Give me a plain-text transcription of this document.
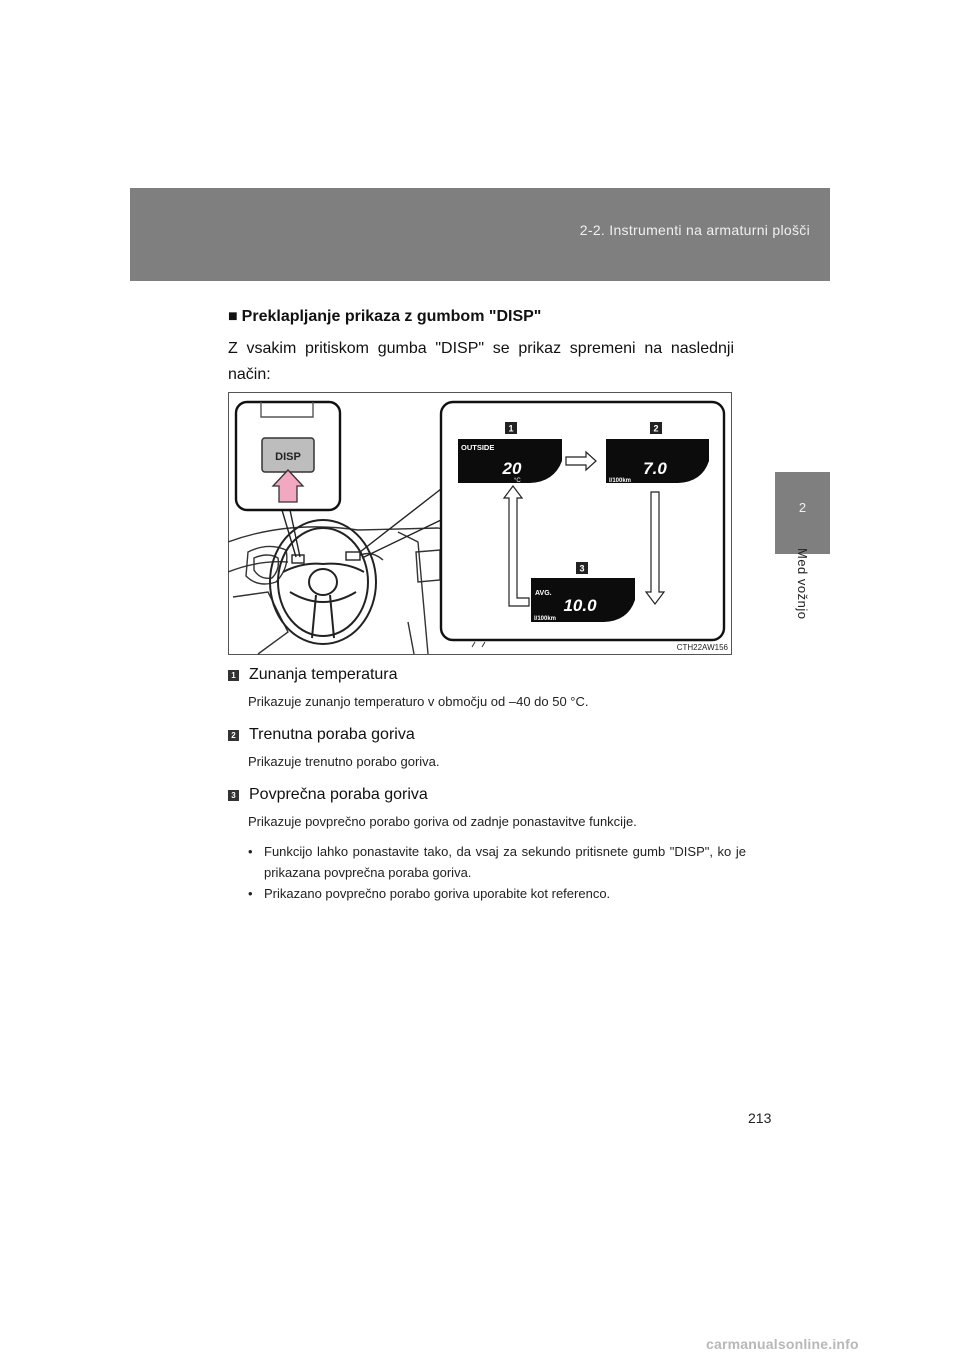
2-2. Instrumenti na armaturni plošči
2
Med vožnjo
■ Preklapljanje prikaza z gumbom "DISP"
Z vsakim pritiskom gumba "DISP" se prikaz spremeni na naslednji način:
DISP
1
OUTSIDE
20
°C
2
7.0
l/100km
3
AVG.
10.0
l/100km
CTH22AW156
1 Zunanja temperatura
Prikazuje zunanjo temperaturo v območju od –40 do 50 °C.
2 Trenutna poraba goriva
Prikazuje trenutno porabo goriva.
3 Povprečna poraba goriva
Prikazuje povprečno porabo goriva od zadnje ponastavitve funkcije.
• Funkcijo lahko ponastavite tako, da vsaj za sekundo pritisnete gumb "DISP", ko je prikazana povprečna poraba goriva.
• Prikazano povprečno porabo goriva uporabite kot referenco.
213
carmanualsonline.info
